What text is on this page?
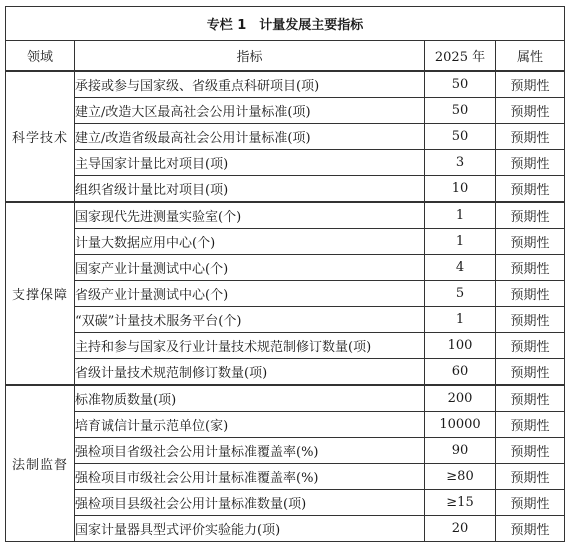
专栏 1　计量发展主要指标			
领域	指标	2025 年	属性
科学技术	承接或参与国家级、省级重点科研项目(项)	50	预期性
	建立/改造大区最高社会公用计量标准(项)	50	预期性
	建立/改造省级最高社会公用计量标准(项)	50	预期性
	主导国家计量比对项目(项)	3	预期性
	组织省级计量比对项目(项)	10	预期性
支撑保障	国家现代先进测量实验室(个)	1	预期性
	计量大数据应用中心(个)	1	预期性
	国家产业计量测试中心(个)	4	预期性
	省级产业计量测试中心(个)	5	预期性
	“双碳”计量技术服务平台(个)	1	预期性
	主持和参与国家及行业计量技术规范制修订数量(项)	100	预期性
	省级计量技术规范制修订数量(项)	60	预期性
法制监督	标准物质数量(项)	200	预期性
	培育诚信计量示范单位(家)	10000	预期性
	强检项目省级社会公用计量标准覆盖率(%)	90	预期性
	强检项目市级社会公用计量标准覆盖率(%)	≥80	预期性
	强检项目县级社会公用计量标准数量(项)	≥15	预期性
	国家计量器具型式评价实验能力(项)	20	预期性
